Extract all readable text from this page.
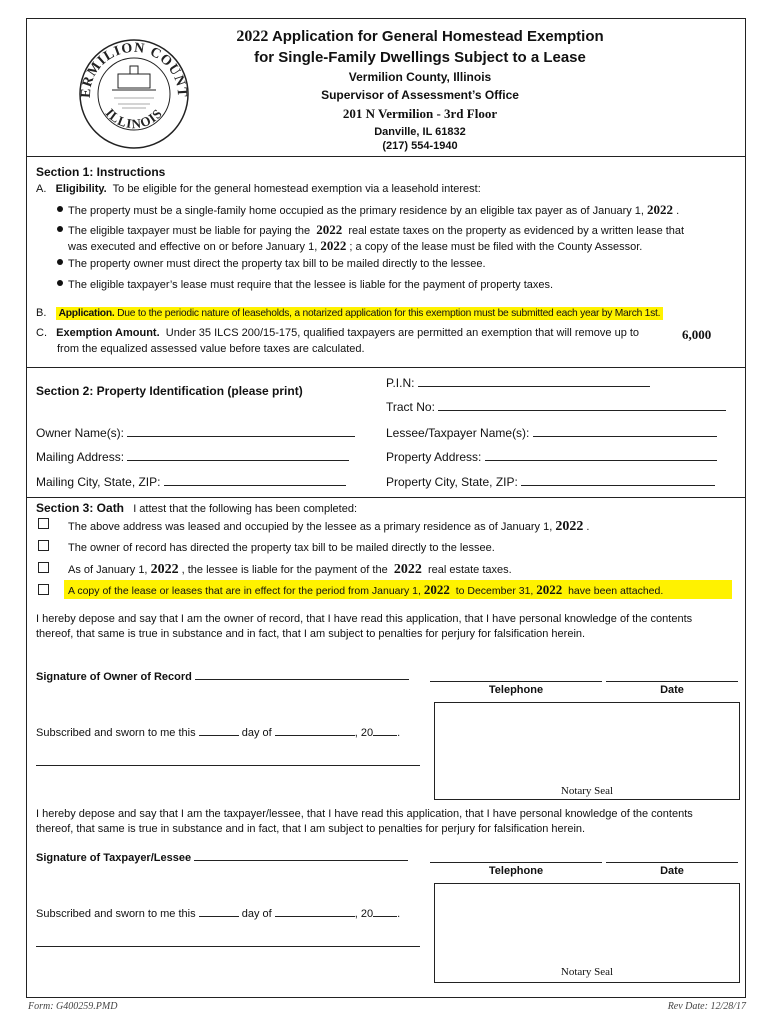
ERMILION COUNT
ILLINOIS
2022 Application for General Homestead Exemption
for Single-Family Dwellings Subject to a Lease
Vermilion County, Illinois
Supervisor of Assessment’s Office
201 N Vermilion - 3rd Floor
Danville, IL 61832
(217) 554-1940
Section 1: Instructions
A. Eligibility. To be eligible for the general homestead exemption via a leasehold interest:
The property must be a single-family home occupied as the primary residence by an eligible tax payer as of January 1, 2022 .
The eligible taxpayer must be liable for paying the 2022 real estate taxes on the property as evidenced by a written lease that
was executed and effective on or before January 1, 2022 ; a copy of the lease must be filed with the County Assessor.
The property owner must direct the property tax bill to be mailed directly to the lessee.
The eligible taxpayer’s lease must require that the lessee is liable for the payment of property taxes.
B. Application. Due to the periodic nature of leaseholds, a notarized application for this exemption must be submitted each year by March 1st.
C. Exemption Amount. Under 35 ILCS 200/15-175, qualified taxpayers are permitted an exemption that will remove up to	6,000
from the equalized assessed value before taxes are calculated.
Section 2: Property Identification (please print)
P.I.N:
Tract No:
Owner Name(s):	Lessee/Taxpayer Name(s):
Mailing Address:	Property Address:
Mailing City, State, ZIP:	Property City, State, ZIP:
Section 3: Oath I attest that the following has been completed:
The above address was leased and occupied by the lessee as a primary residence as of January 1, 2022 .
The owner of record has directed the property tax bill to be mailed directly to the lessee.
As of January 1, 2022 , the lessee is liable for the payment of the 2022 real estate taxes.
A copy of the lease or leases that are in effect for the period from January 1, 2022 to December 31, 2022 have been attached.
I hereby depose and say that I am the owner of record, that I have read this application, that I have personal knowledge of the contents
thereof, that same is true in substance and in fact, that I am subject to penalties for perjury for falsification herein.
Signature of Owner of Record
Telephone	Date
Subscribed and sworn to me this	day of	, 20 .
Notary Seal
I hereby depose and say that I am the taxpayer/lessee, that I have read this application, that I have personal knowledge of the contents
thereof, that same is true in substance and in fact, that I am subject to penalties for perjury for falsification herein.
Signature of Taxpayer/Lessee
Telephone	Date
Subscribed and sworn to me this	day of	, 20 .
Notary Seal
Form: G400259.PMD	Rev Date: 12/28/17
